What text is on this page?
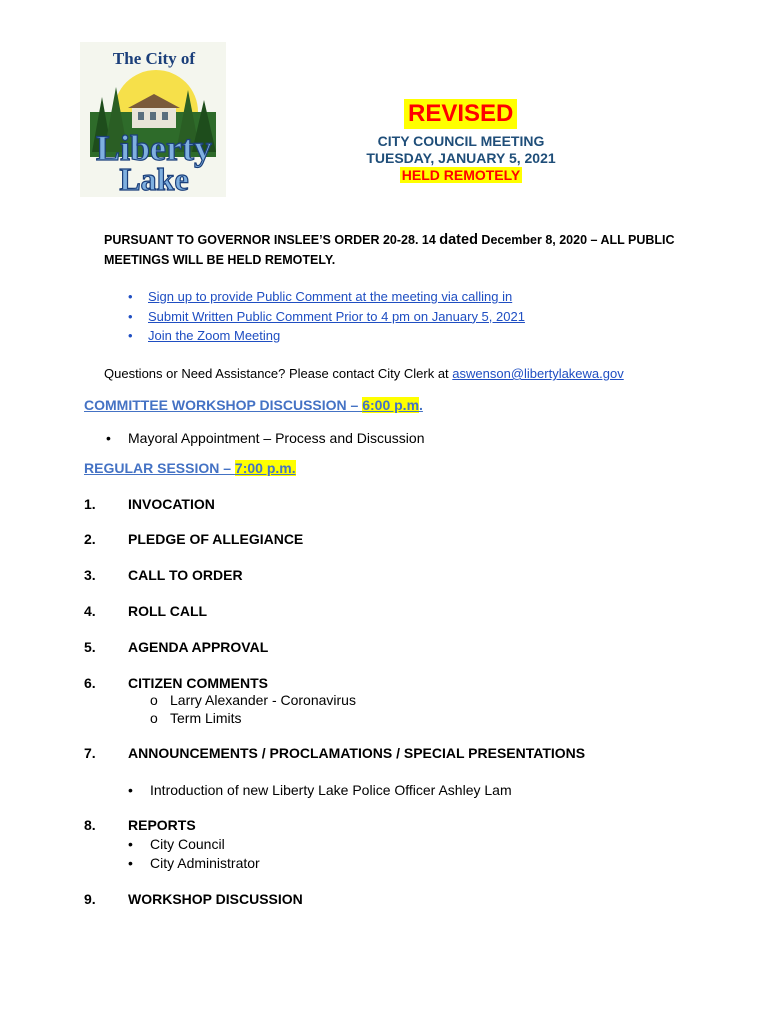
The City of
Liberty
Lake
REVISED
CITY COUNCIL MEETING
TUESDAY, JANUARY 5, 2021
HELD REMOTELY
PURSUANT TO GOVERNOR INSLEE’S ORDER 20-28. 14 dated December 8, 2020 – ALL PUBLIC MEETINGS WILL BE HELD REMOTELY.
• Sign up to provide Public Comment at the meeting via calling in
• Submit Written Public Comment Prior to 4 pm on January 5, 2021
• Join the Zoom Meeting
Questions or Need Assistance? Please contact City Clerk at aswenson@libertylakewa.gov
COMMITTEE WORKSHOP DISCUSSION – 6:00 p.m.
• Mayoral Appointment – Process and Discussion
REGULAR SESSION – 7:00 p.m.
1.	INVOCATION
2.	PLEDGE OF ALLEGIANCE
3.	CALL TO ORDER
4.	ROLL CALL
5.	AGENDA APPROVAL
6.	CITIZEN COMMENTS
o Larry Alexander - Coronavirus
o Term Limits
7.	ANNOUNCEMENTS / PROCLAMATIONS / SPECIAL PRESENTATIONS
• Introduction of new Liberty Lake Police Officer Ashley Lam
8.	REPORTS
• City Council
• City Administrator
9.	WORKSHOP DISCUSSION
